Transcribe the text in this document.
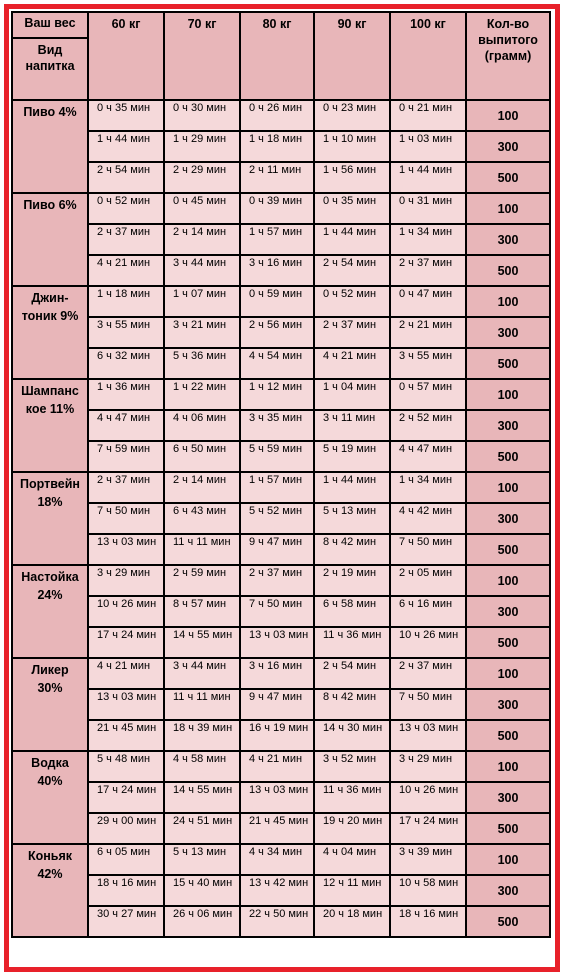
Ваш вес
Вид напитка	60 кг	70 кг	80 кг	90 кг	100 кг	Кол-во выпитого (грамм)

Пиво 4%	0 ч 35 мин	0 ч 30 мин	0 ч 26 мин	0 ч 23 мин	0 ч 21 мин	100
	1 ч 44 мин	1 ч 29 мин	1 ч 18 мин	1 ч 10 мин	1 ч 03 мин	300
	2 ч 54 мин	2 ч 29 мин	2 ч 11 мин	1 ч 56 мин	1 ч 44 мин	500
Пиво 6%	0 ч 52 мин	0 ч 45 мин	0 ч 39 мин	0 ч 35 мин	0 ч 31 мин	100
	2 ч 37 мин	2 ч 14 мин	1 ч 57 мин	1 ч 44 мин	1 ч 34 мин	300
	4 ч 21 мин	3 ч 44 мин	3 ч 16 мин	2 ч 54 мин	2 ч 37 мин	500
Джин-
тоник 9%	1 ч 18 мин	1 ч 07 мин	0 ч 59 мин	0 ч 52 мин	0 ч 47 мин	100
	3 ч 55 мин	3 ч 21 мин	2 ч 56 мин	2 ч 37 мин	2 ч 21 мин	300
	6 ч 32 мин	5 ч 36 мин	4 ч 54 мин	4 ч 21 мин	3 ч 55 мин	500
Шампанс
кое 11%	1 ч 36 мин	1 ч 22 мин	1 ч 12 мин	1 ч 04 мин	0 ч 57 мин	100
	4 ч 47 мин	4 ч 06 мин	3 ч 35 мин	3 ч 11 мин	2 ч 52 мин	300
	7 ч 59 мин	6 ч 50 мин	5 ч 59 мин	5 ч 19 мин	4 ч 47 мин	500
Портвейн
18%	2 ч 37 мин	2 ч 14 мин	1 ч 57 мин	1 ч 44 мин	1 ч 34 мин	100
	7 ч 50 мин	6 ч 43 мин	5 ч 52 мин	5 ч 13 мин	4 ч 42 мин	300
	13 ч 03 мин	11 ч 11 мин	9 ч 47 мин	8 ч 42 мин	7 ч 50 мин	500
Настойка
24%	3 ч 29 мин	2 ч 59 мин	2 ч 37 мин	2 ч 19 мин	2 ч 05 мин	100
	10 ч 26 мин	8 ч 57 мин	7 ч 50 мин	6 ч 58 мин	6 ч 16 мин	300
	17 ч 24 мин	14 ч 55 мин	13 ч 03 мин	11 ч 36 мин	10 ч 26 мин	500
Ликер
30%	4 ч 21 мин	3 ч 44 мин	3 ч 16 мин	2 ч 54 мин	2 ч 37 мин	100
	13 ч 03 мин	11 ч 11 мин	9 ч 47 мин	8 ч 42 мин	7 ч 50 мин	300
	21 ч 45 мин	18 ч 39 мин	16 ч 19 мин	14 ч 30 мин	13 ч 03 мин	500
Водка
40%	5 ч 48 мин	4 ч 58 мин	4 ч 21 мин	3 ч 52 мин	3 ч 29 мин	100
	17 ч 24 мин	14 ч 55 мин	13 ч 03 мин	11 ч 36 мин	10 ч 26 мин	300
	29 ч 00 мин	24 ч 51 мин	21 ч 45 мин	19 ч 20 мин	17 ч 24 мин	500
Коньяк
42%	6 ч 05 мин	5 ч 13 мин	4 ч 34 мин	4 ч 04 мин	3 ч 39 мин	100
	18 ч 16 мин	15 ч 40 мин	13 ч 42 мин	12 ч 11 мин	10 ч 58 мин	300
	30 ч 27 мин	26 ч 06 мин	22 ч 50 мин	20 ч 18 мин	18 ч 16 мин	500
